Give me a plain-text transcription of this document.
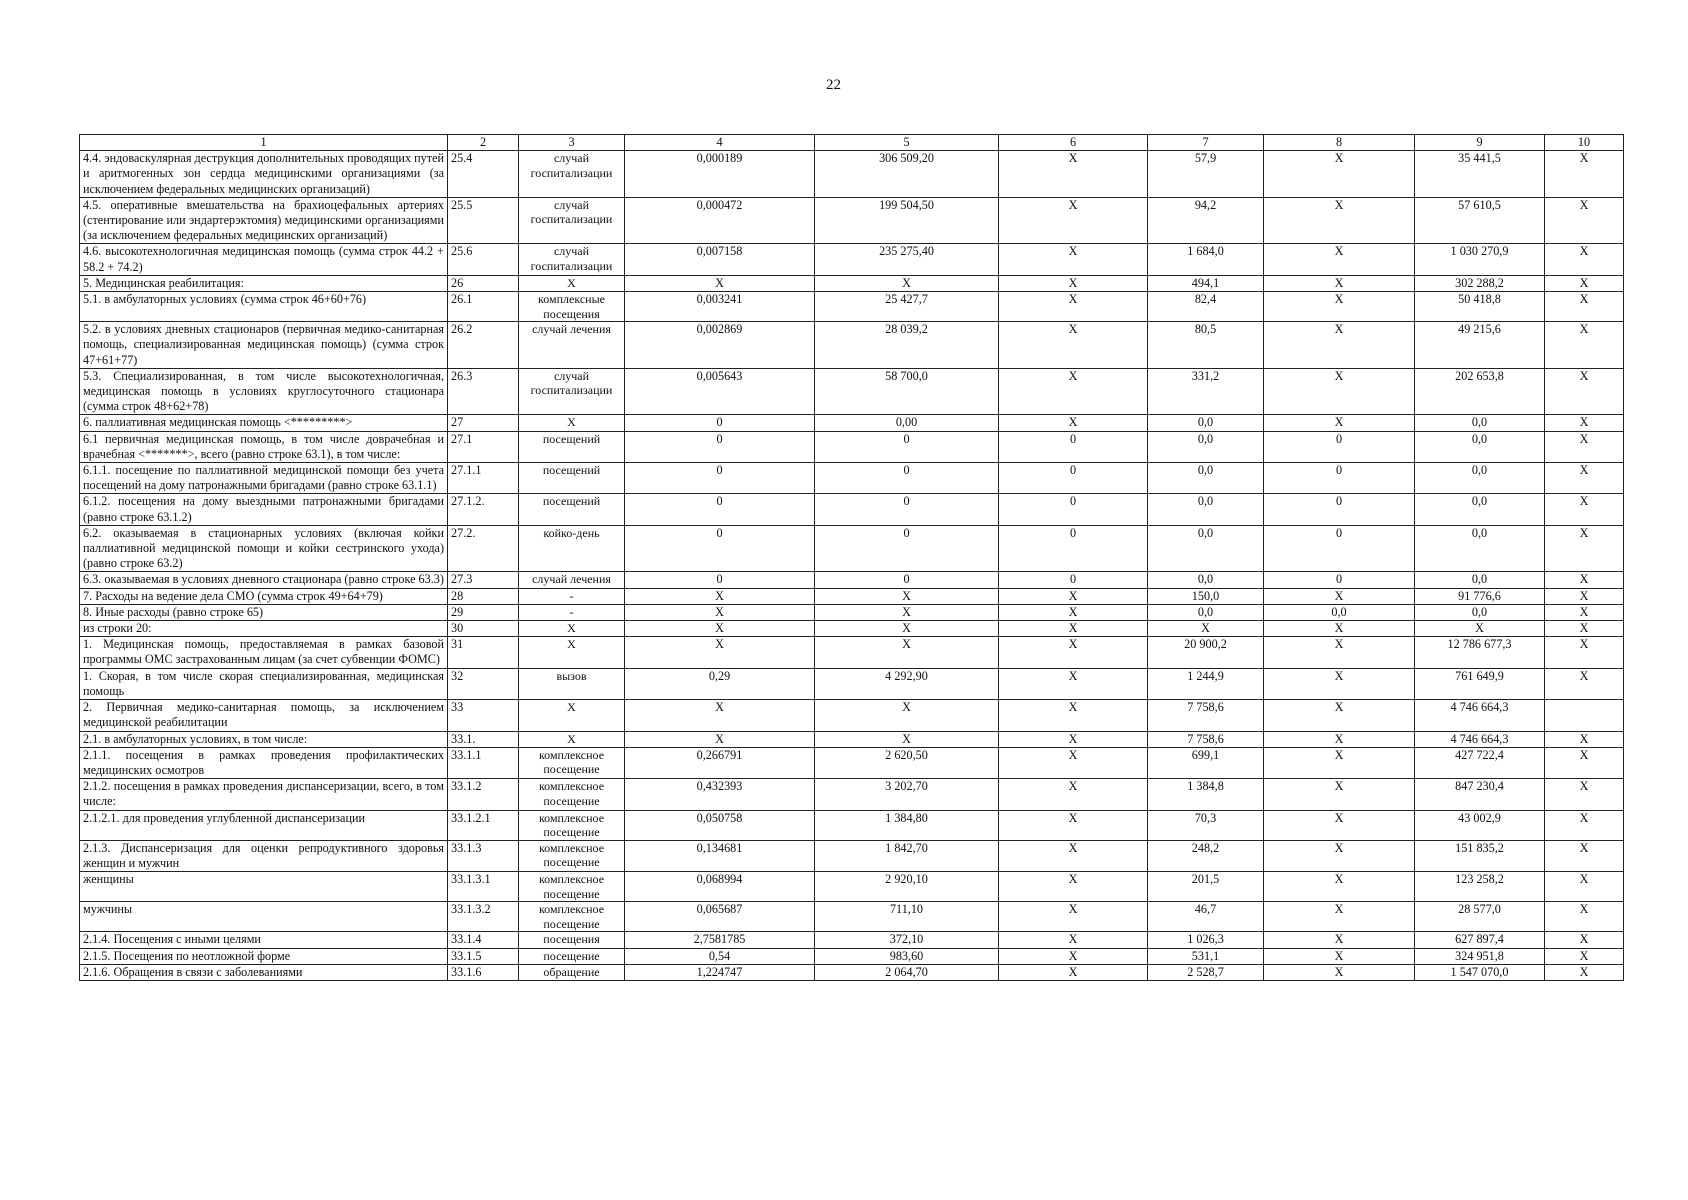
22
1	2	3	4	5	6	7	8	9	10
4.4. эндоваскулярная деструкция дополнительных проводящих путей и аритмогенных зон сердца медицинскими организациями (за исключением федеральных медицинских организаций)	25.4	случай госпитализации	0,000189	306 509,20	X	57,9	X	35 441,5	X
4.5. оперативные вмешательства на брахиоцефальных артериях (стентирование или эндартерэктомия) медицинскими организациями (за исключением федеральных медицинских организаций)	25.5	случай госпитализации	0,000472	199 504,50	X	94,2	X	57 610,5	X
4.6. высокотехнологичная медицинская помощь (сумма строк 44.2 + 58.2 + 74.2)	25.6	случай госпитализации	0,007158	235 275,40	X	1 684,0	X	1 030 270,9	X
5. Медицинская реабилитация:	26	X	X	X	X	494,1	X	302 288,2	X
5.1. в амбулаторных условиях (сумма строк 46+60+76)	26.1	комплексные посещения	0,003241	25 427,7	X	82,4	X	50 418,8	X
5.2. в условиях дневных стационаров (первичная медико-санитарная помощь, специализированная медицинская помощь) (сумма строк 47+61+77)	26.2	случай лечения	0,002869	28 039,2	X	80,5	X	49 215,6	X
5.3. Специализированная, в том числе высокотехнологичная, медицинская помощь в условиях круглосуточного стационара (сумма строк 48+62+78)	26.3	случай госпитализации	0,005643	58 700,0	X	331,2	X	202 653,8	X
6. паллиативная медицинская помощь <*********>	27	X	0	0,00	X	0,0	X	0,0	X
6.1 первичная медицинская помощь, в том числе доврачебная и врачебная <*******>, всего (равно строке 63.1), в том числе:	27.1	посещений	0	0	0	0,0	0	0,0	X
6.1.1. посещение по паллиативной медицинской помощи без учета посещений на дому патронажными бригадами (равно строке 63.1.1)	27.1.1	посещений	0	0	0	0,0	0	0,0	X
6.1.2. посещения на дому выездными патронажными бригадами (равно строке 63.1.2)	27.1.2.	посещений	0	0	0	0,0	0	0,0	X
6.2. оказываемая в стационарных условиях (включая койки паллиативной медицинской помощи и койки сестринского ухода) (равно строке 63.2)	27.2.	койко-день	0	0	0	0,0	0	0,0	X
6.3. оказываемая в условиях дневного стационара (равно строке 63.3)	27.3	случай лечения	0	0	0	0,0	0	0,0	X
7. Расходы на ведение дела СМО (сумма строк 49+64+79)	28	-	X	X	X	150,0	X	91 776,6	X
8. Иные расходы (равно строке 65)	29	-	X	X	X	0,0	0,0	0,0	X
из строки 20:	30	X	X	X	X	X	X	X	X
1. Медицинская помощь, предоставляемая в рамках базовой программы ОМС застрахованным лицам (за счет субвенции ФОМС)	31	X	X	X	X	20 900,2	X	12 786 677,3	X
1. Скорая, в том числе скорая специализированная, медицинская помощь	32	вызов	0,29	4 292,90	X	1 244,9	X	761 649,9	X
2. Первичная медико-санитарная помощь, за исключением медицинской реабилитации	33	X	X	X	X	7 758,6	X	4 746 664,3	
2.1. в амбулаторных условиях, в том числе:	33.1.	X	X	X	X	7 758,6	X	4 746 664,3	X
2.1.1. посещения в рамках проведения профилактических медицинских осмотров	33.1.1	комплексное посещение	0,266791	2 620,50	X	699,1	X	427 722,4	X
2.1.2. посещения в рамках проведения диспансеризации, всего, в том числе:	33.1.2	комплексное посещение	0,432393	3 202,70	X	1 384,8	X	847 230,4	X
2.1.2.1. для проведения углубленной диспансеризации	33.1.2.1	комплексное посещение	0,050758	1 384,80	X	70,3	X	43 002,9	X
2.1.3. Диспансеризация для оценки репродуктивного здоровья женщин и мужчин	33.1.3	комплексное посещение	0,134681	1 842,70	X	248,2	X	151 835,2	X
женщины	33.1.3.1	комплексное посещение	0,068994	2 920,10	X	201,5	X	123 258,2	X
мужчины	33.1.3.2	комплексное посещение	0,065687	711,10	X	46,7	X	28 577,0	X
2.1.4. Посещения с иными целями	33.1.4	посещения	2,7581785	372,10	X	1 026,3	X	627 897,4	X
2.1.5. Посещения по неотложной форме	33.1.5	посещение	0,54	983,60	X	531,1	X	324 951,8	X
2.1.6. Обращения в связи с заболеваниями	33.1.6	обращение	1,224747	2 064,70	X	2 528,7	X	1 547 070,0	X
